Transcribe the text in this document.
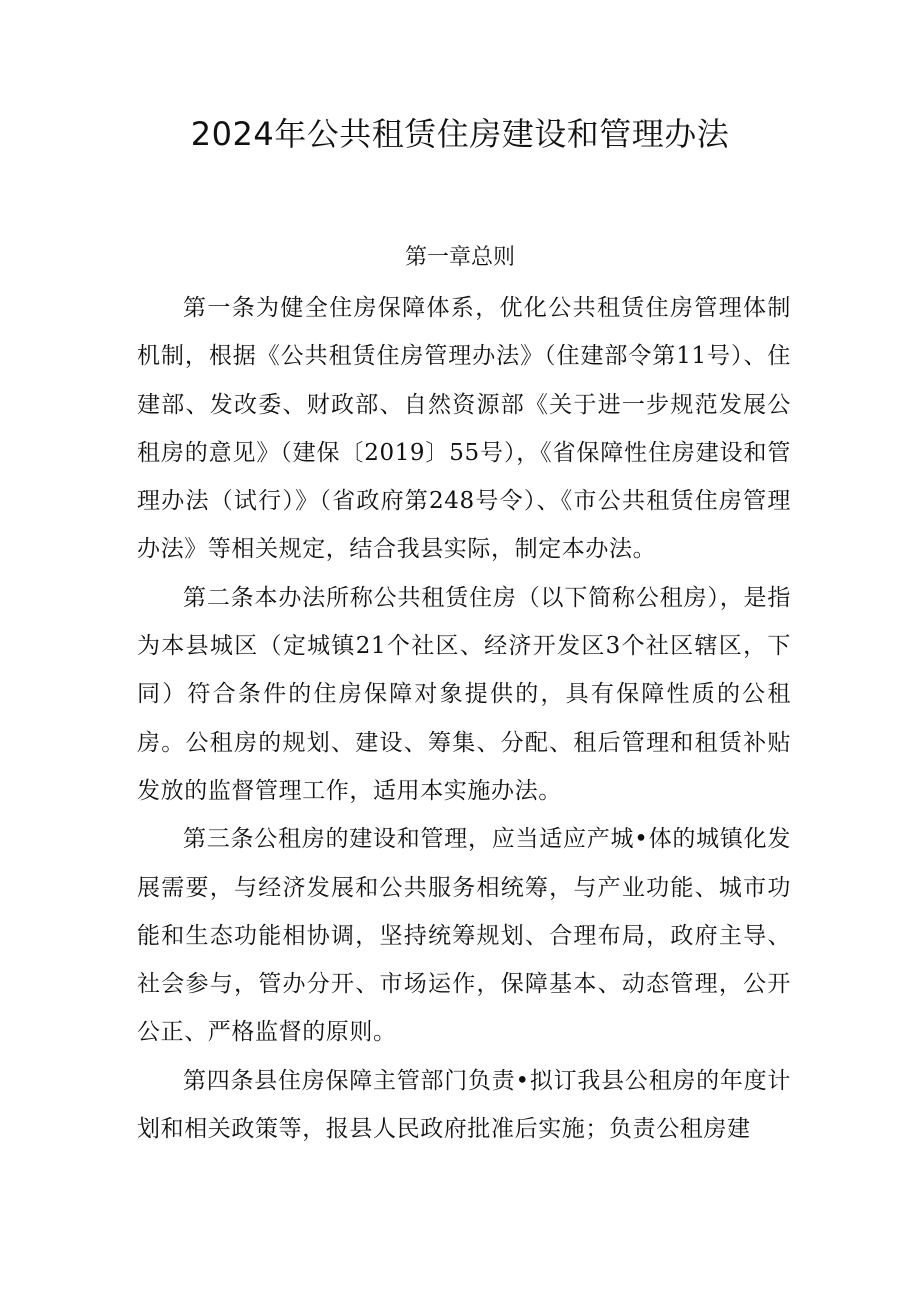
2024年公共租赁住房建设和管理办法
第一章总则

第一条为健全住房保障体系，优化公共租赁住房管理体制机制，根据《公共租赁住房管理办法》（住建部令第11号）、住建部、发改委、财政部、自然资源部《关于进一步规范发展公租房的意见》（建保〔2019〕55号），《省保障性住房建设和管理办法（试行）》（省政府第248号令）、《市公共租赁住房管理办法》等相关规定，结合我县实际，制定本办法。

第二条本办法所称公共租赁住房（以下简称公租房），是指为本县城区（定城镇21个社区、经济开发区3个社区辖区，下同）符合条件的住房保障对象提供的，具有保障性质的公租房。公租房的规划、建设、筹集、分配、租后管理和租赁补贴发放的监督管理工作，适用本实施办法。

第三条公租房的建设和管理，应当适应产城•体的城镇化发展需要，与经济发展和公共服务相统筹，与产业功能、城市功能和生态功能相协调，坚持统筹规划、合理布局，政府主导、社会参与，管办分开、市场运作，保障基本、动态管理，公开公正、严格监督的原则。

第四条县住房保障主管部门负责•拟订我县公租房的年度计划和相关政策等，报县人民政府批准后实施；负责公租房建
